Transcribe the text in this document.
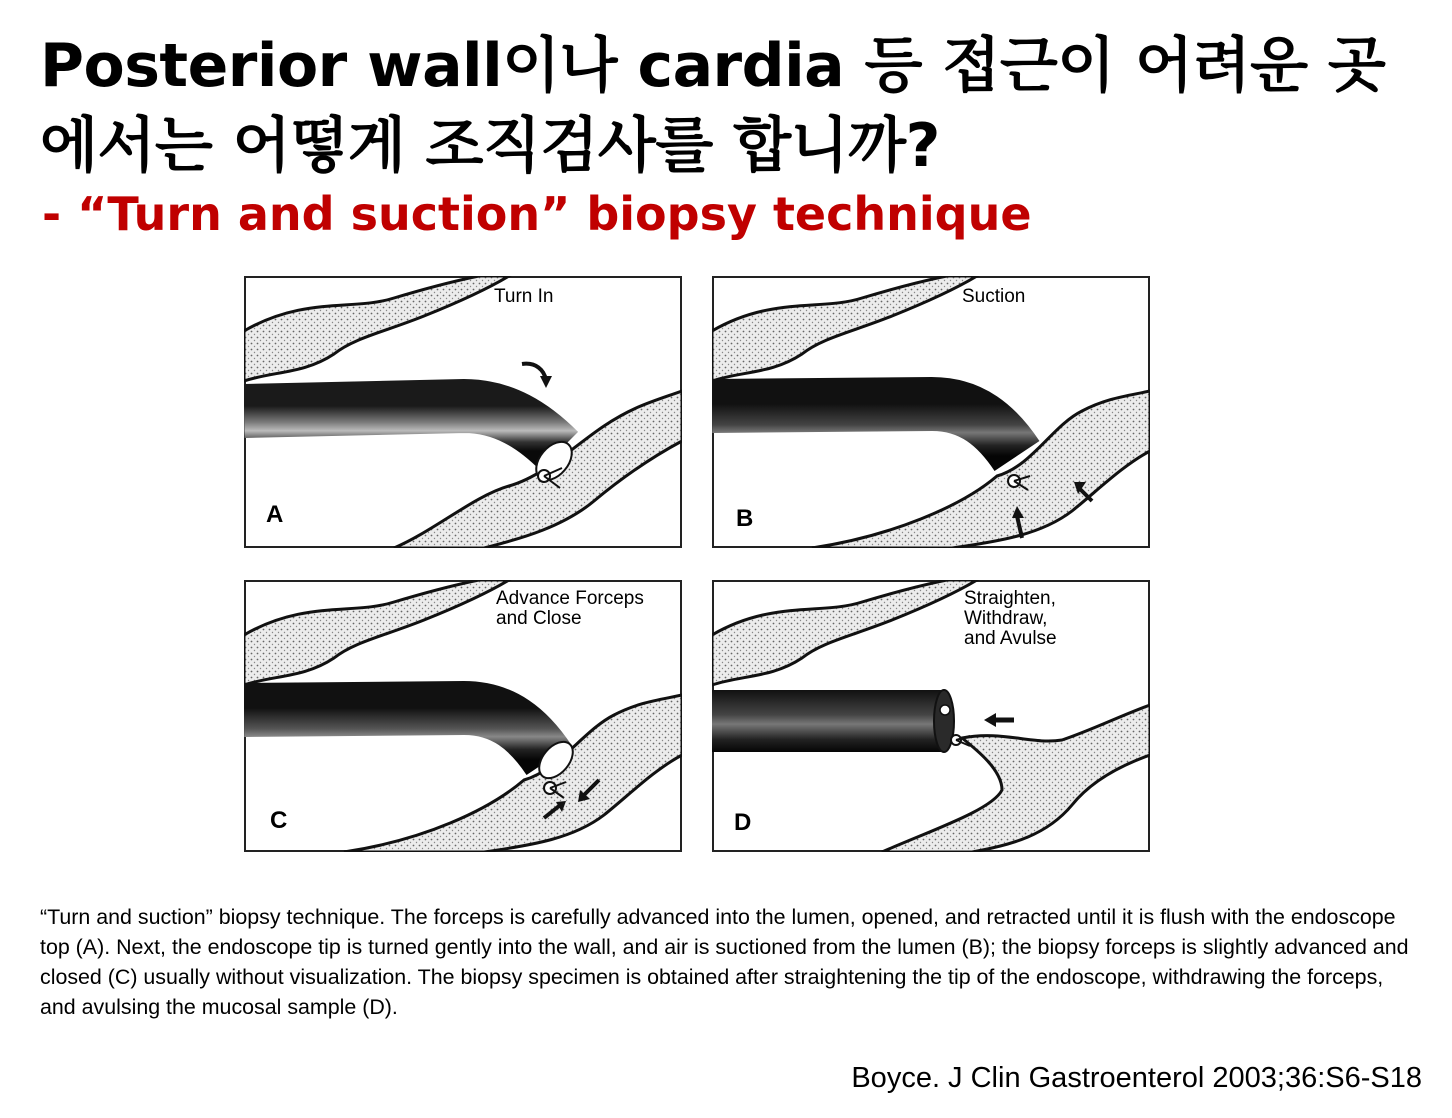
Posterior wall이나 cardia 등 접근이 어려운 곳에서는 어떻게 조직검사를 합니까?
- “Turn and suction” biopsy technique
Turn In
A
Suction
B
Advance Forceps and Close
C
Straighten, Withdraw, and Avulse
D

“Turn and suction” biopsy technique. The forceps is carefully advanced into the lumen, opened, and retracted until it is flush with the endoscope top (A). Next, the endoscope tip is turned gently into the wall, and air is suctioned from the lumen (B); the biopsy forceps is slightly advanced and closed (C) usually without visualization. The biopsy specimen is obtained after straightening the tip of the endoscope, withdrawing the forceps, and avulsing the mucosal sample (D).

Boyce. J Clin Gastroenterol 2003;36:S6-S18
